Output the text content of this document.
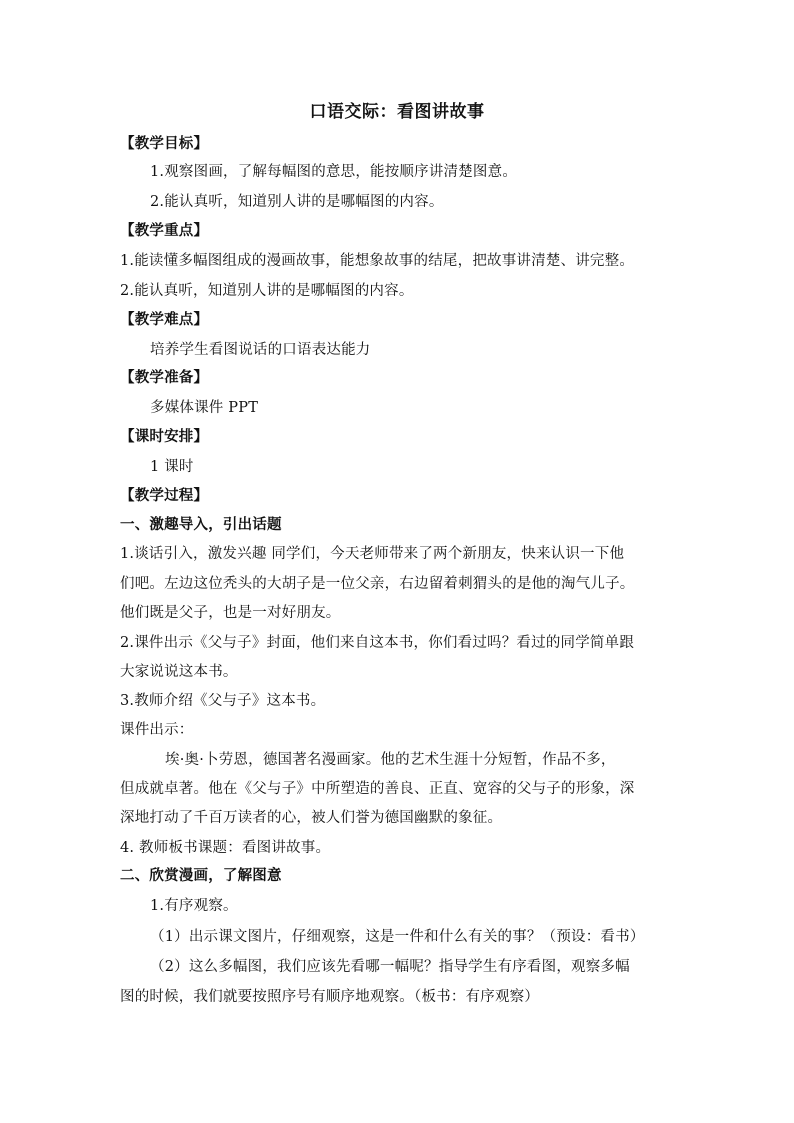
口语交际：看图讲故事
【教学目标】
1.观察图画，了解每幅图的意思，能按顺序讲清楚图意。
2.能认真听，知道别人讲的是哪幅图的内容。
【教学重点】
1.能读懂多幅图组成的漫画故事，能想象故事的结尾，把故事讲清楚、讲完整。
2.能认真听，知道别人讲的是哪幅图的内容。
【教学难点】
培养学生看图说话的口语表达能力
【教学准备】
多媒体课件 PPT
【课时安排】
1 课时
【教学过程】
一、激趣导入，引出话题
1.谈话引入，激发兴趣 同学们，今天老师带来了两个新朋友，快来认识一下他
们吧。左边这位秃头的大胡子是一位父亲，右边留着刺猬头的是他的淘气儿子。
他们既是父子，也是一对好朋友。
2.课件出示《父与子》封面，他们来自这本书，你们看过吗？看过的同学简单跟
大家说说这本书。
3.教师介绍《父与子》这本书。
课件出示：
埃·奥·卜劳恩，德国著名漫画家。他的艺术生涯十分短暂，作品不多，
但成就卓著。他在《父与子》中所塑造的善良、正直、宽容的父与子的形象，深
深地打动了千百万读者的心，被人们誉为德国幽默的象征。
4. 教师板书课题：看图讲故事。
二、欣赏漫画，了解图意
1.有序观察。
（1）出示课文图片，仔细观察，这是一件和什么有关的事？（预设：看书）
（2）这么多幅图，我们应该先看哪一幅呢？指导学生有序看图，观察多幅
图的时候，我们就要按照序号有顺序地观察。（板书：有序观察）
